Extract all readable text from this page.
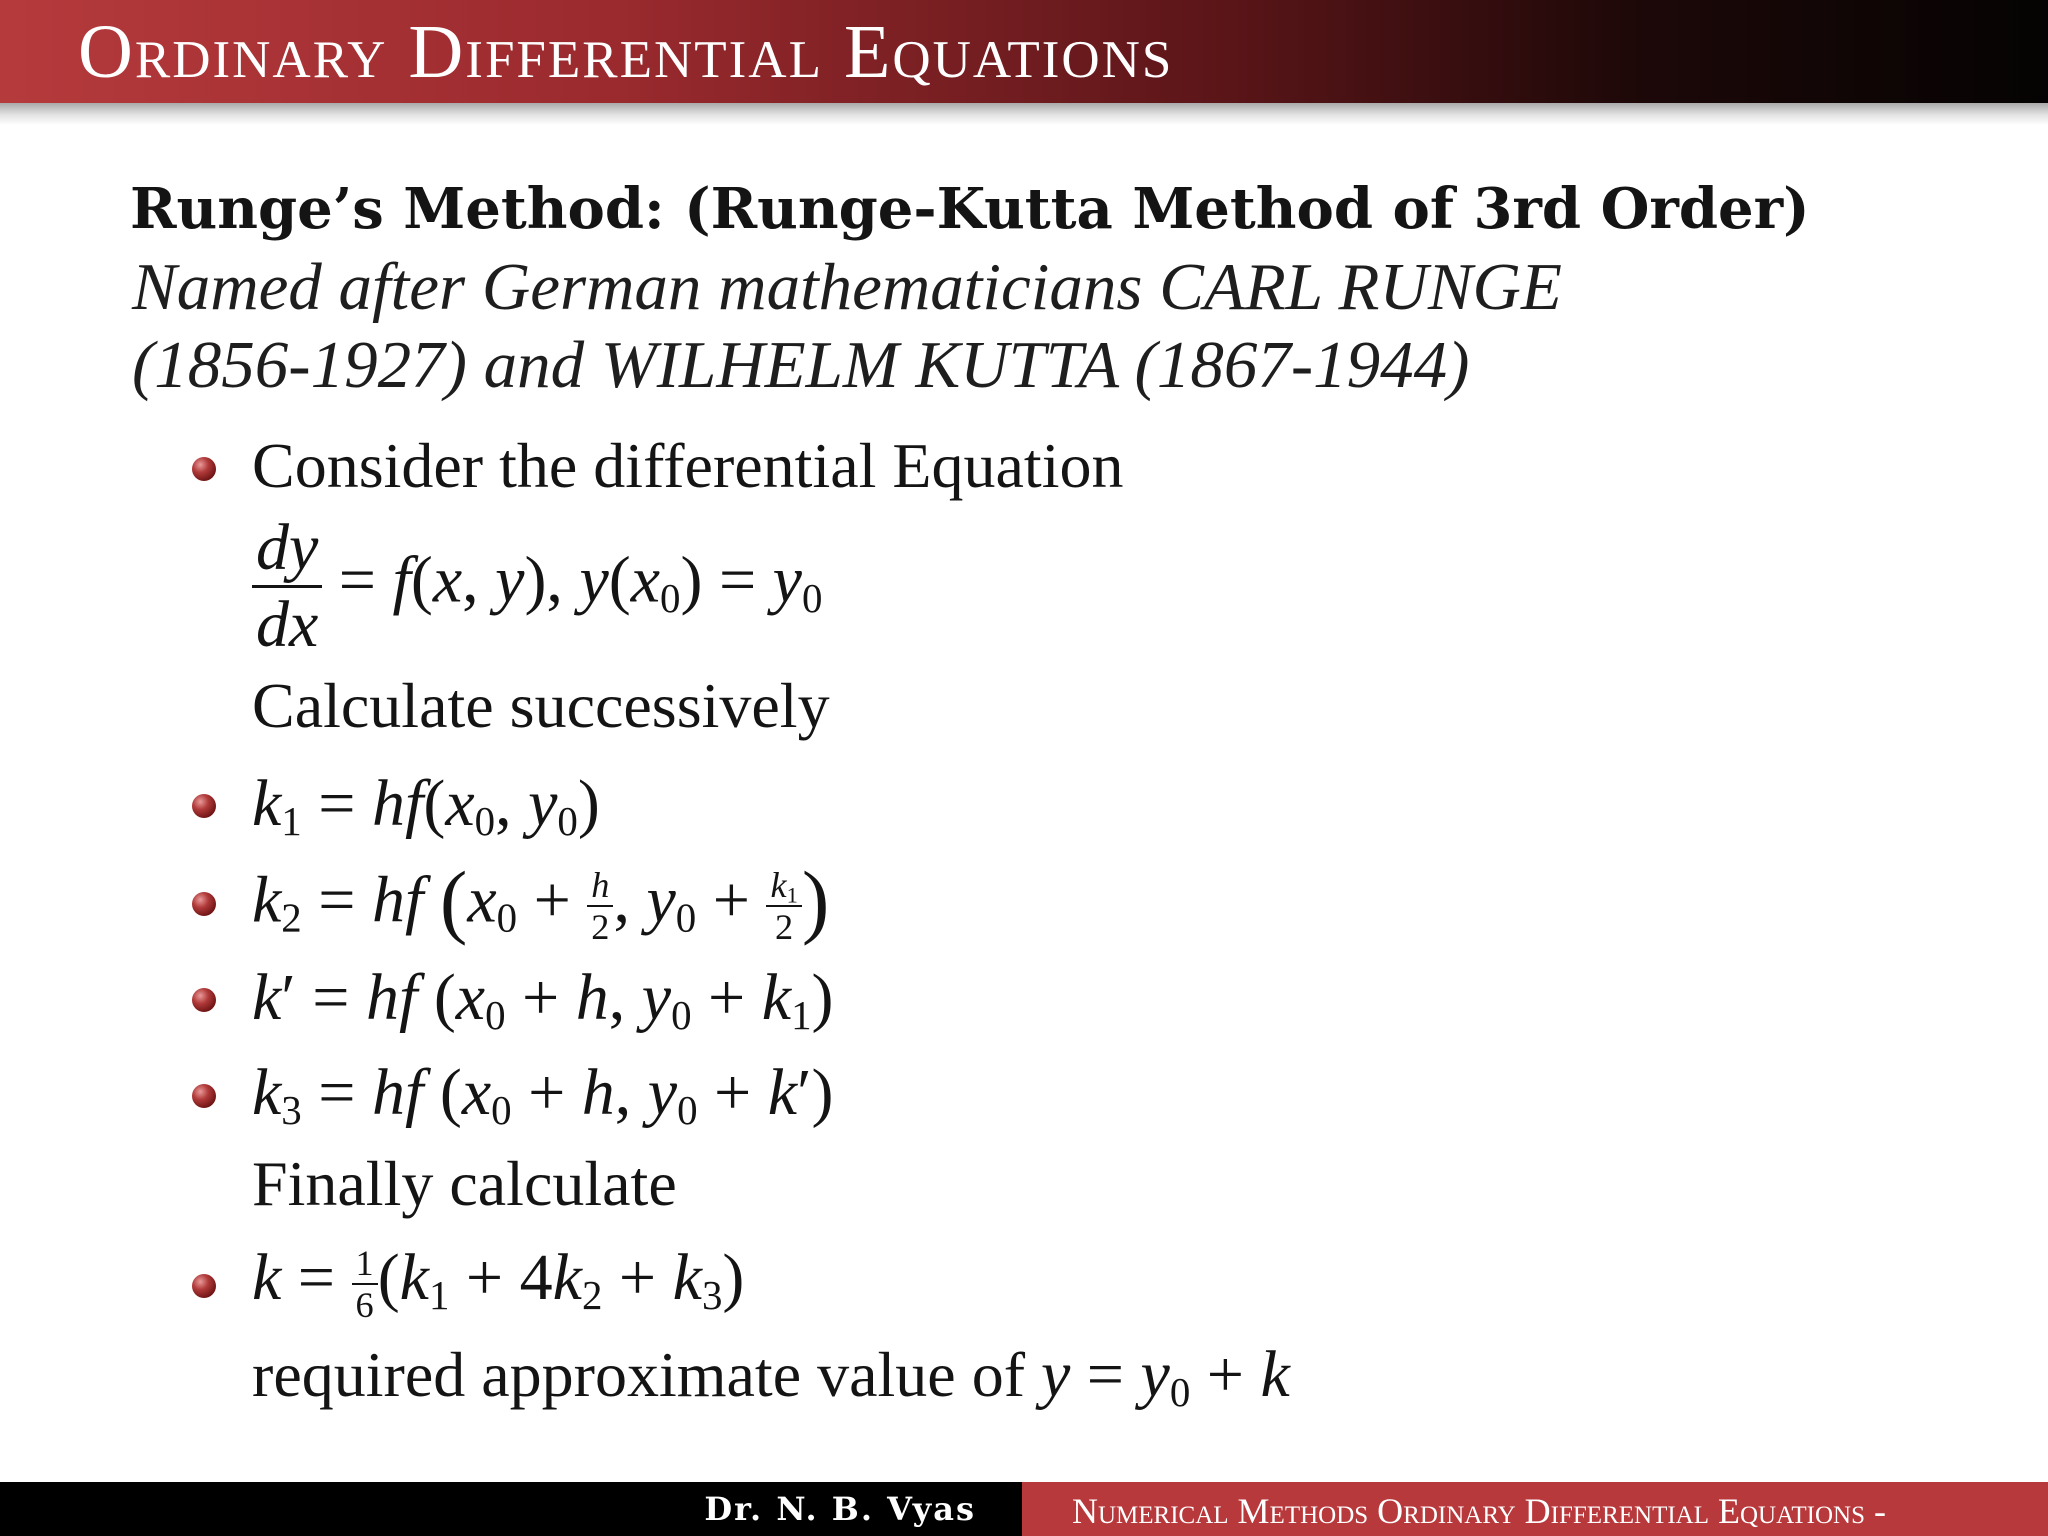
Ordinary Differential Equations
Runge’s Method: (Runge-Kutta Method of 3rd Order)
Named after German mathematicians CARL RUNGE
(1856-1927) and WILHELM KUTTA (1867-1944)
Consider the differential Equation
$\frac{dy}{dx} = f(x$, y), $y(x_0) = y_0$
Calculate successively
$k_1 = hf(x_0$, $y_0$)
$k_2$ = hf ($x_0 + \frac{h}{2}$ , $y_0 + \frac{k_1}{2}$ )
k′ = hf ($x_0 + h$, $y_0 + k_1$)
$k_3$ = hf ($x_0 + h$, $y_0 + k'$)
Finally calculate
$k = \frac{1}{6} (k_1 + 4k_2 + k_3)$
required approximate value of $y = y_0 + k$
Dr. N. B. Vyas	Numerical Methods Ordinary Differential Equations -
